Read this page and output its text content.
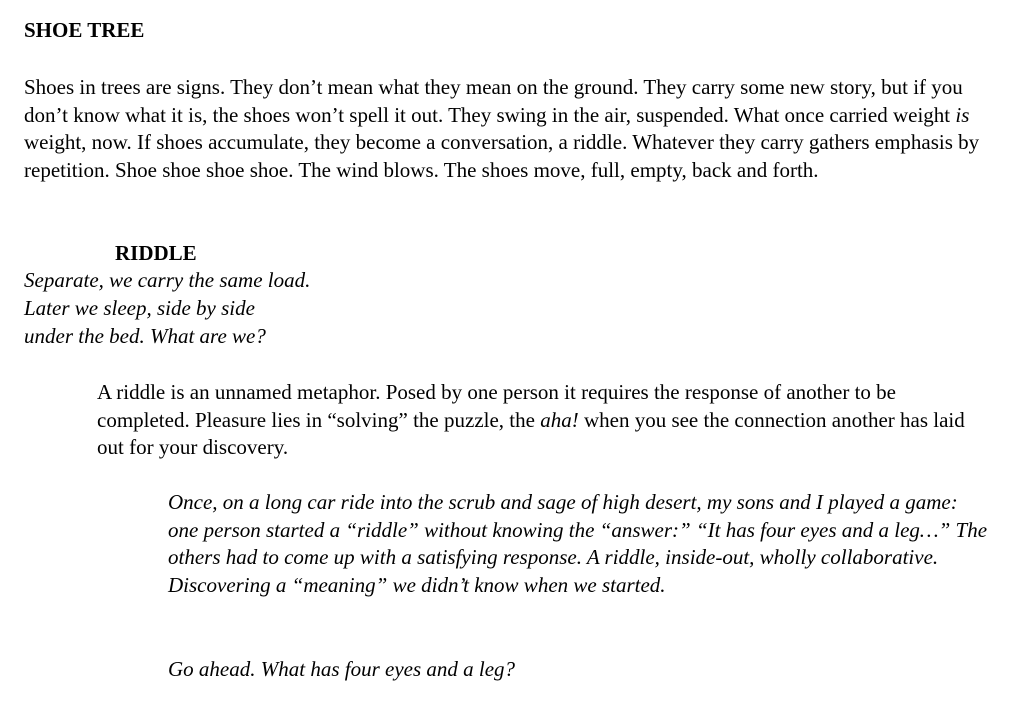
SHOE TREE

Shoes in trees are signs. They don’t mean what they mean on the ground. They carry some new story, but if you don’t know what it is, the shoes won’t spell it out. They swing in the air, suspended. What once carried weight is weight, now. If shoes accumulate, they become a conversation, a riddle. Whatever they carry gathers emphasis by repetition. Shoe shoe shoe shoe. The wind blows. The shoes move, full, empty, back and forth.

RIDDLE
Separate, we carry the same load.
Later we sleep, side by side
under the bed. What are we?

A riddle is an unnamed metaphor. Posed by one person it requires the response of another to be completed. Pleasure lies in “solving” the puzzle, the aha! when you see the connection another has laid out for your discovery.

Once, on a long car ride into the scrub and sage of high desert, my sons and I played a game: one person started a “riddle” without knowing the “answer:” “It has four eyes and a leg…” The others had to come up with a satisfying response. A riddle, inside-out, wholly collaborative. Discovering a “meaning” we didn’t know when we started.

Go ahead. What has four eyes and a leg?
